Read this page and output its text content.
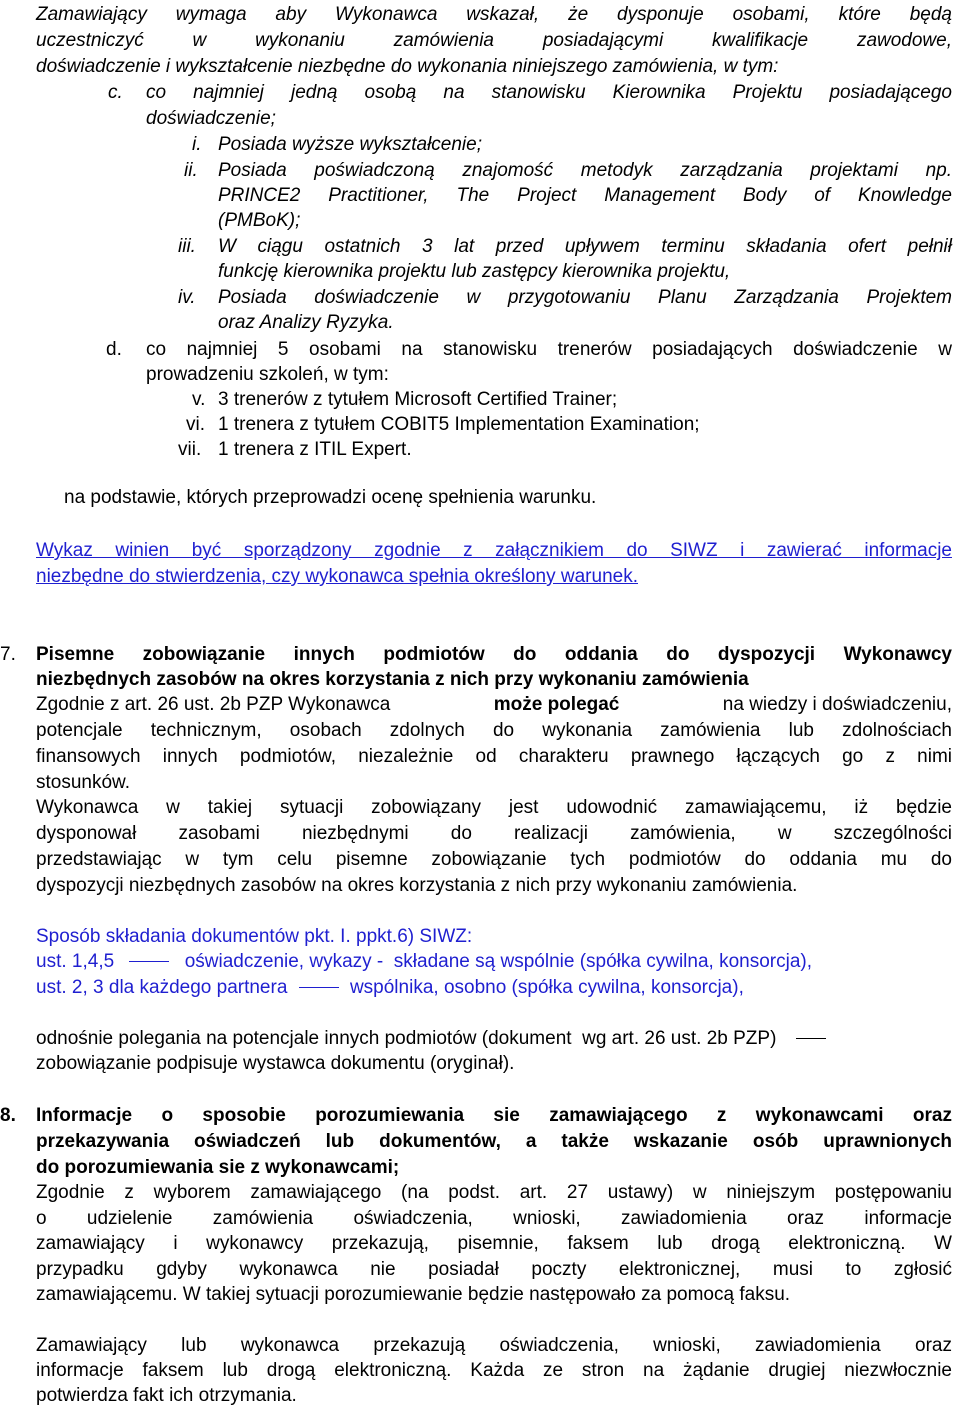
Zamawiający wymaga aby Wykonawca wskazał, że dysponuje osobami, które będą
uczestniczyć w wykonaniu zamówienia posiadającymi kwalifikacje zawodowe,
doświadczenie i wykształcenie niezbędne do wykonania niniejszego zamówienia, w tym:
c. co najmniej jedną osobą na stanowisku Kierownika Projektu posiadającego
doświadczenie;
i. Posiada wyższe wykształcenie;
ii. Posiada poświadczoną znajomość metodyk zarządzania projektami np.
PRINCE2 Practitioner, The Project Management Body of Knowledge
(PMBoK);
iii. W ciągu ostatnich 3 lat przed upływem terminu składania ofert pełnił
funkcję kierownika projektu lub zastępcy kierownika projektu,
iv. Posiada doświadczenie w przygotowaniu Planu Zarządzania Projektem
oraz Analizy Ryzyka.
d. co najmniej 5 osobami na stanowisku trenerów posiadających doświadczenie w
prowadzeniu szkoleń, w tym:
v. 3 trenerów z tytułem Microsoft Certified Trainer;
vi. 1 trenera z tytułem COBIT5 Implementation Examination;
vii. 1 trenera z ITIL Expert.
na podstawie, których przeprowadzi ocenę spełnienia warunku.
Wykaz winien być sporządzony zgodnie z załącznikiem do SIWZ i zawierać informacje
niezbędne do stwierdzenia, czy wykonawca spełnia określony warunek.
7. Pisemne zobowiązanie innych podmiotów do oddania do dyspozycji Wykonawcy
niezbędnych zasobów na okres korzystania z nich przy wykonaniu zamówienia
Zgodnie z art. 26 ust. 2b PZP Wykonawca	może polegać	na wiedzy i doświadczeniu,
potencjale technicznym, osobach zdolnych do wykonania zamówienia lub zdolnościach
finansowych innych podmiotów, niezależnie od charakteru prawnego łączących go z nimi
stosunków.
Wykonawca w takiej sytuacji zobowiązany jest udowodnić zamawiającemu, iż będzie
dysponował zasobami niezbędnymi do realizacji zamówienia, w szczególności
przedstawiając w tym celu pisemne zobowiązanie tych podmiotów do oddania mu do
dyspozycji niezbędnych zasobów na okres korzystania z nich przy wykonaniu zamówienia.
Sposób składania dokumentów pkt. I. ppkt.6) SIWZ:
ust. 1,4,5	oświadczenie, wykazy -  składane są wspólnie (spółka cywilna, konsorcja),
ust. 2, 3 dla każdego partnera	wspólnika, osobno (spółka cywilna, konsorcja),
odnośnie polegania na potencjale innych podmiotów (dokument  wg art. 26 ust. 2b PZP)
zobowiązanie podpisuje wystawca dokumentu (oryginał).
8. Informacje o sposobie porozumiewania sie zamawiającego z wykonawcami oraz
przekazywania oświadczeń lub dokumentów, a także wskazanie osób uprawnionych
do porozumiewania sie z wykonawcami;
Zgodnie z wyborem zamawiającego (na podst. art. 27 ustawy) w niniejszym postępowaniu
o udzielenie zamówienia oświadczenia, wnioski, zawiadomienia oraz informacje
zamawiający i wykonawcy przekazują, pisemnie, faksem lub drogą elektroniczną. W
przypadku gdyby wykonawca nie posiadał poczty elektronicznej, musi to zgłosić
zamawiającemu. W takiej sytuacji porozumiewanie będzie następowało za pomocą faksu.
Zamawiający lub wykonawca przekazują oświadczenia, wnioski, zawiadomienia oraz
informacje faksem lub drogą elektroniczną. Każda ze stron na żądanie drugiej niezwłocznie
potwierdza fakt ich otrzymania.
